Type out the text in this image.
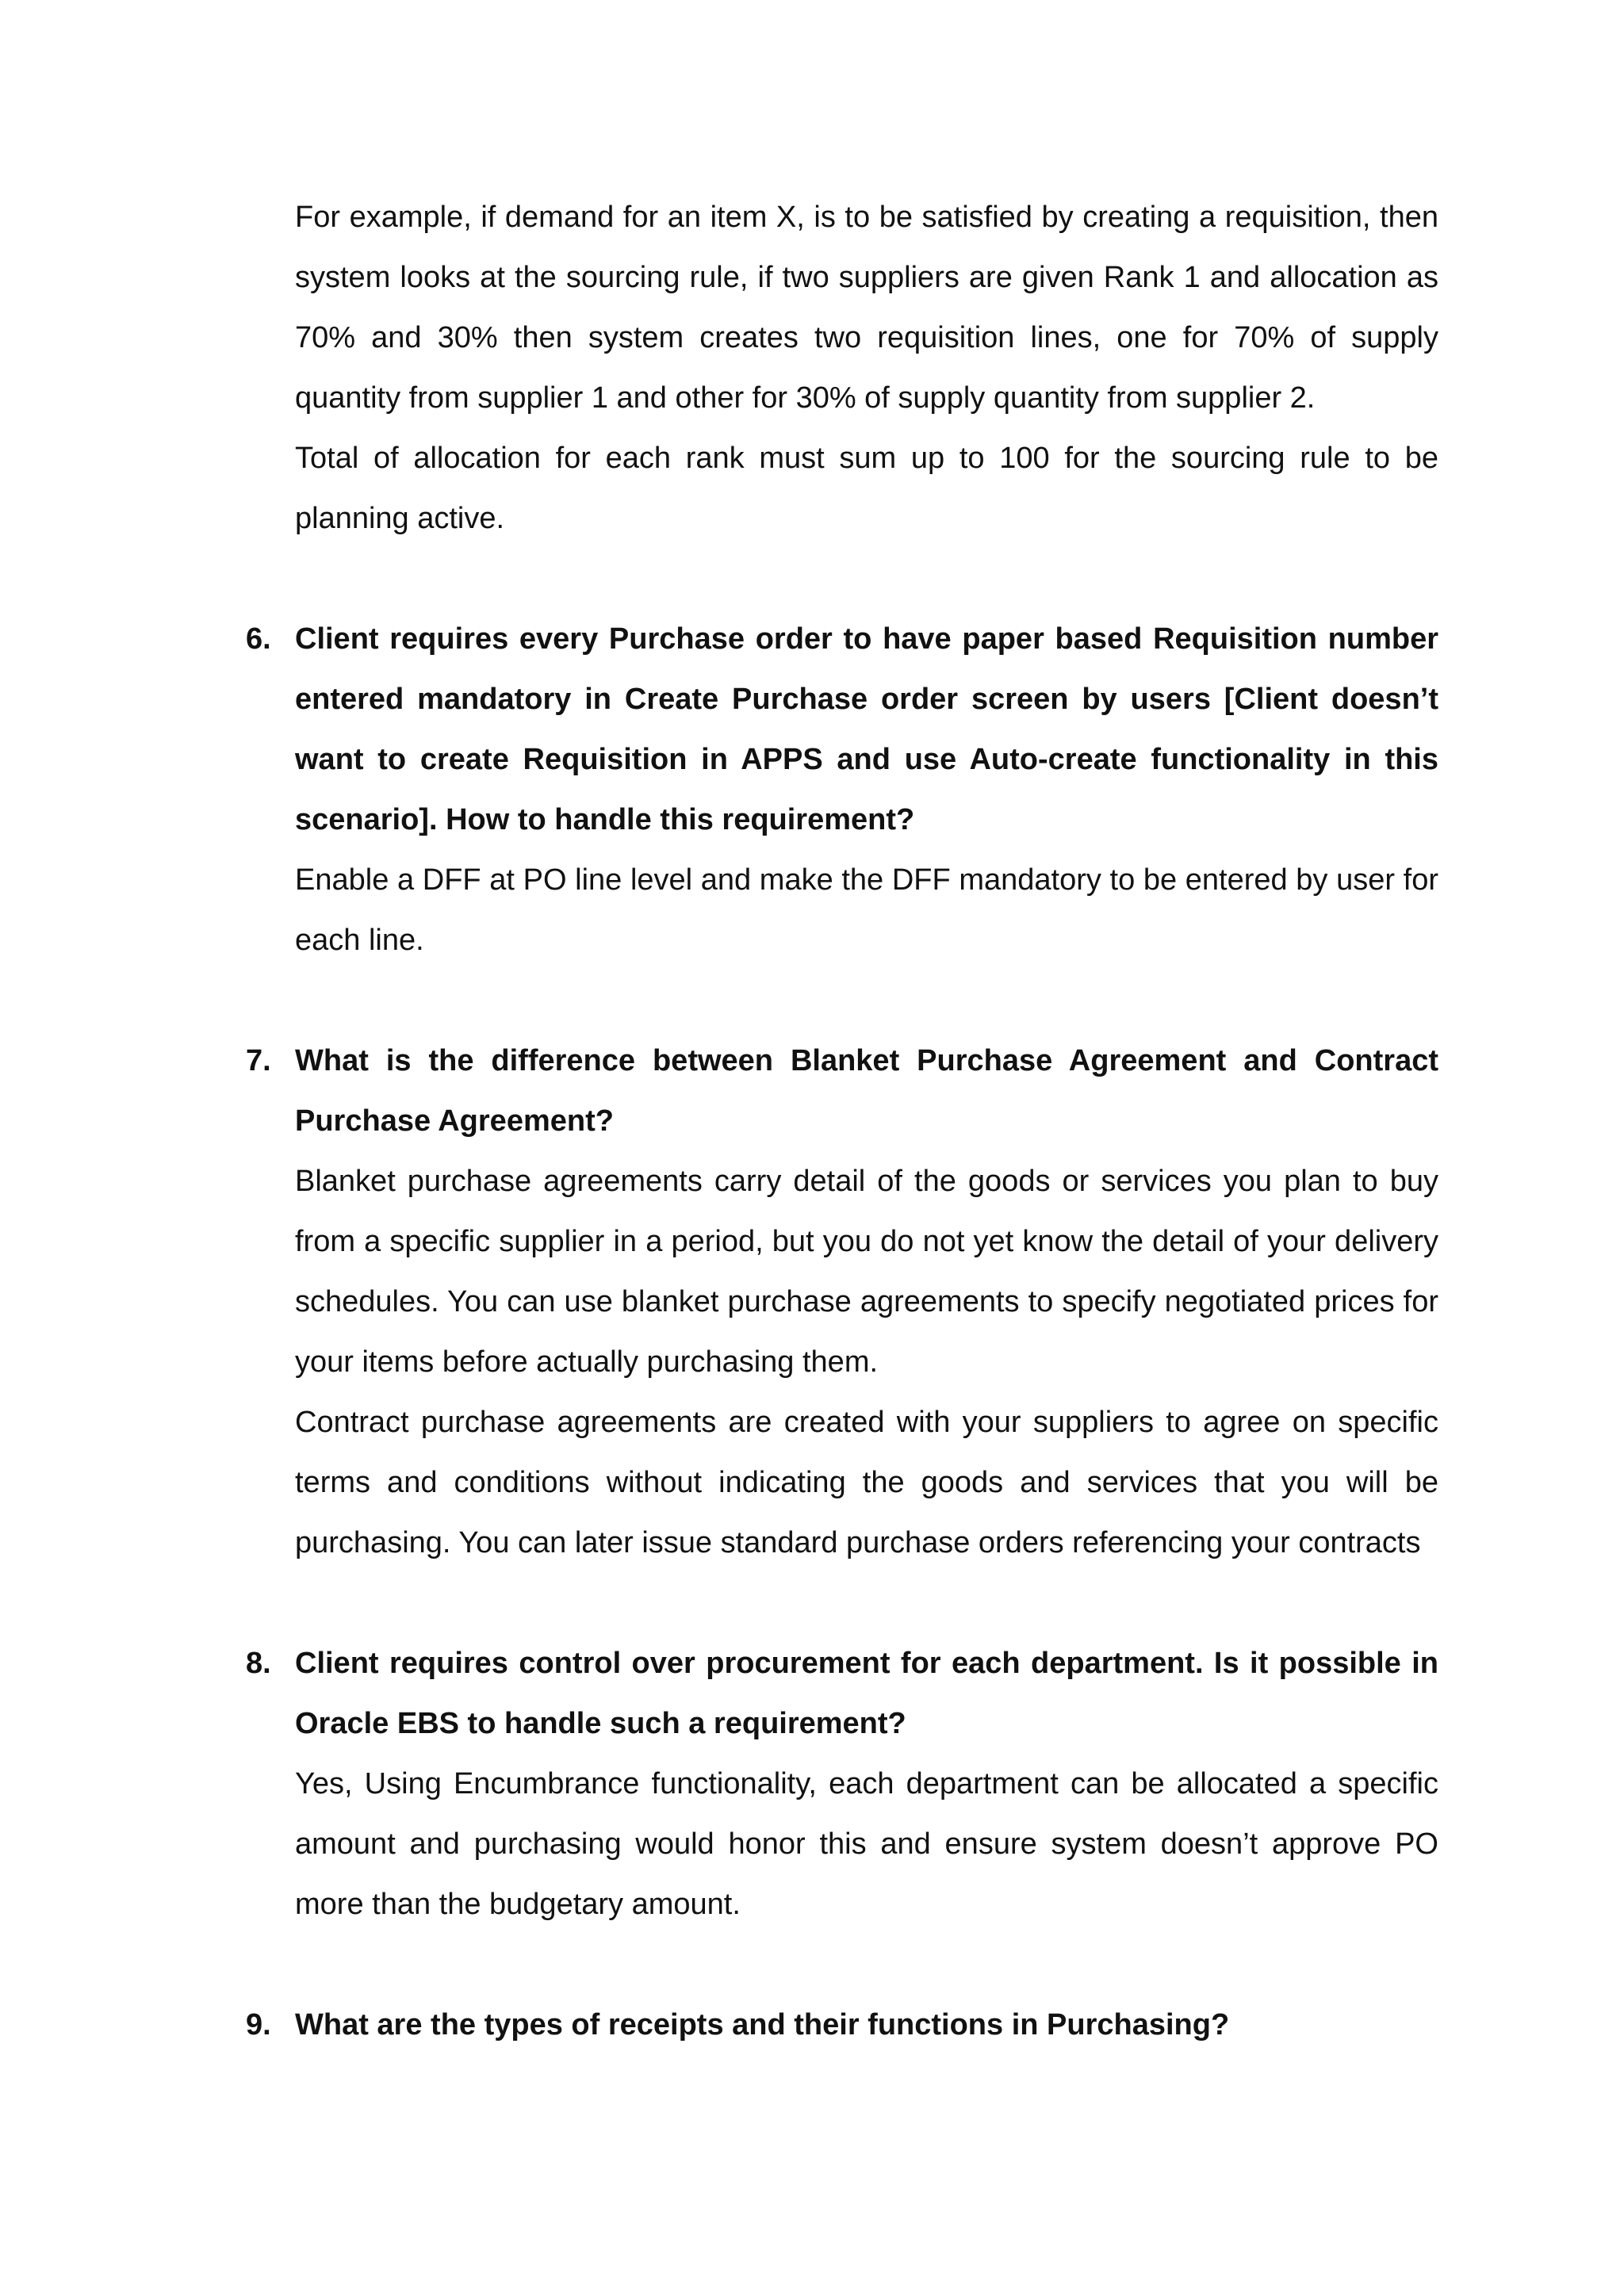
For example, if demand for an item X, is to be satisfied by creating a requisition, then system looks at the sourcing rule, if two suppliers are given Rank 1 and allocation as 70% and 30% then system creates two requisition lines, one for 70% of supply quantity from supplier 1 and other for 30% of supply quantity from supplier 2.

Total of allocation for each rank must sum up to 100 for the sourcing rule to be planning active.

6. Client requires every Purchase order to have paper based Requisition number entered mandatory in Create Purchase order screen by users [Client doesn’t want to create Requisition in APPS and use Auto-create functionality in this scenario]. How to handle this requirement?

Enable a DFF at PO line level and make the DFF mandatory to be entered by user for each line.

7. What is the difference between Blanket Purchase Agreement and Contract Purchase Agreement?

Blanket purchase agreements carry detail of the goods or services you plan to buy from a specific supplier in a period, but you do not yet know the detail of your delivery schedules. You can use blanket purchase agreements to specify negotiated prices for your items before actually purchasing them.

Contract purchase agreements are created with your suppliers to agree on specific terms and conditions without indicating the goods and services that you will be purchasing. You can later issue standard purchase orders referencing your contracts

8. Client requires control over procurement for each department. Is it possible in Oracle EBS to handle such a requirement?

Yes, Using Encumbrance functionality, each department can be allocated a specific amount and purchasing would honor this and ensure system doesn’t approve PO more than the budgetary amount.

9. What are the types of receipts and their functions in Purchasing?
